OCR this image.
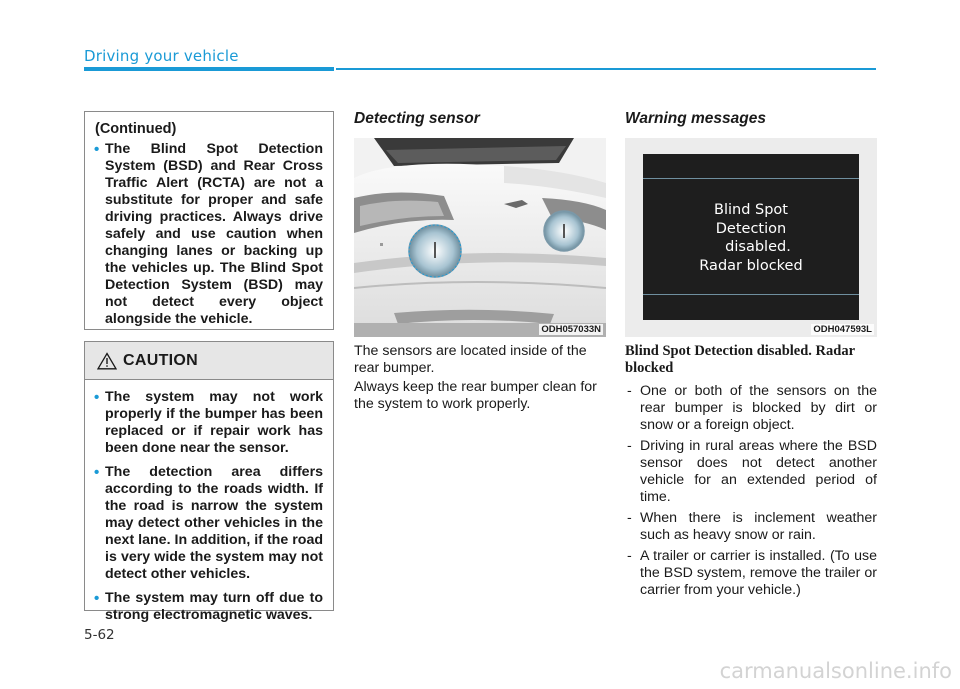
Driving your vehicle
(Continued)
• The Blind Spot Detection System (BSD) and Rear Cross Traffic Alert (RCTA) are not a substitute for proper and safe driving practices. Always drive safely and use caution when changing lanes or backing up the vehicles up. The Blind Spot Detection System (BSD) may not detect every object alongside the vehicle.
CAUTION
• The system may not work properly if the bumper has been replaced or if repair work has been done near the sensor.
• The detection area differs according to the roads width. If the road is narrow the system may detect other vehicles in the next lane. In addition, if the road is very wide the system may not detect other vehicles.
• The system may turn off due to strong electromagnetic waves.
Detecting sensor
ODH057033N
The sensors are located inside of the rear bumper.
Always keep the rear bumper clean for the system to work properly.
Warning messages
Blind Spot
Detection
disabled.
Radar blocked
ODH047593L
Blind Spot Detection disabled. Radar blocked
- One or both of the sensors on the rear bumper is blocked by dirt or snow or a foreign object.
- Driving in rural areas where the BSD sensor does not detect another vehicle for an extended period of time.
- When there is inclement weather such as heavy snow or rain.
- A trailer or carrier is installed. (To use the BSD system, remove the trailer or carrier from your vehicle.)
5-62
carmanualsonline.info
